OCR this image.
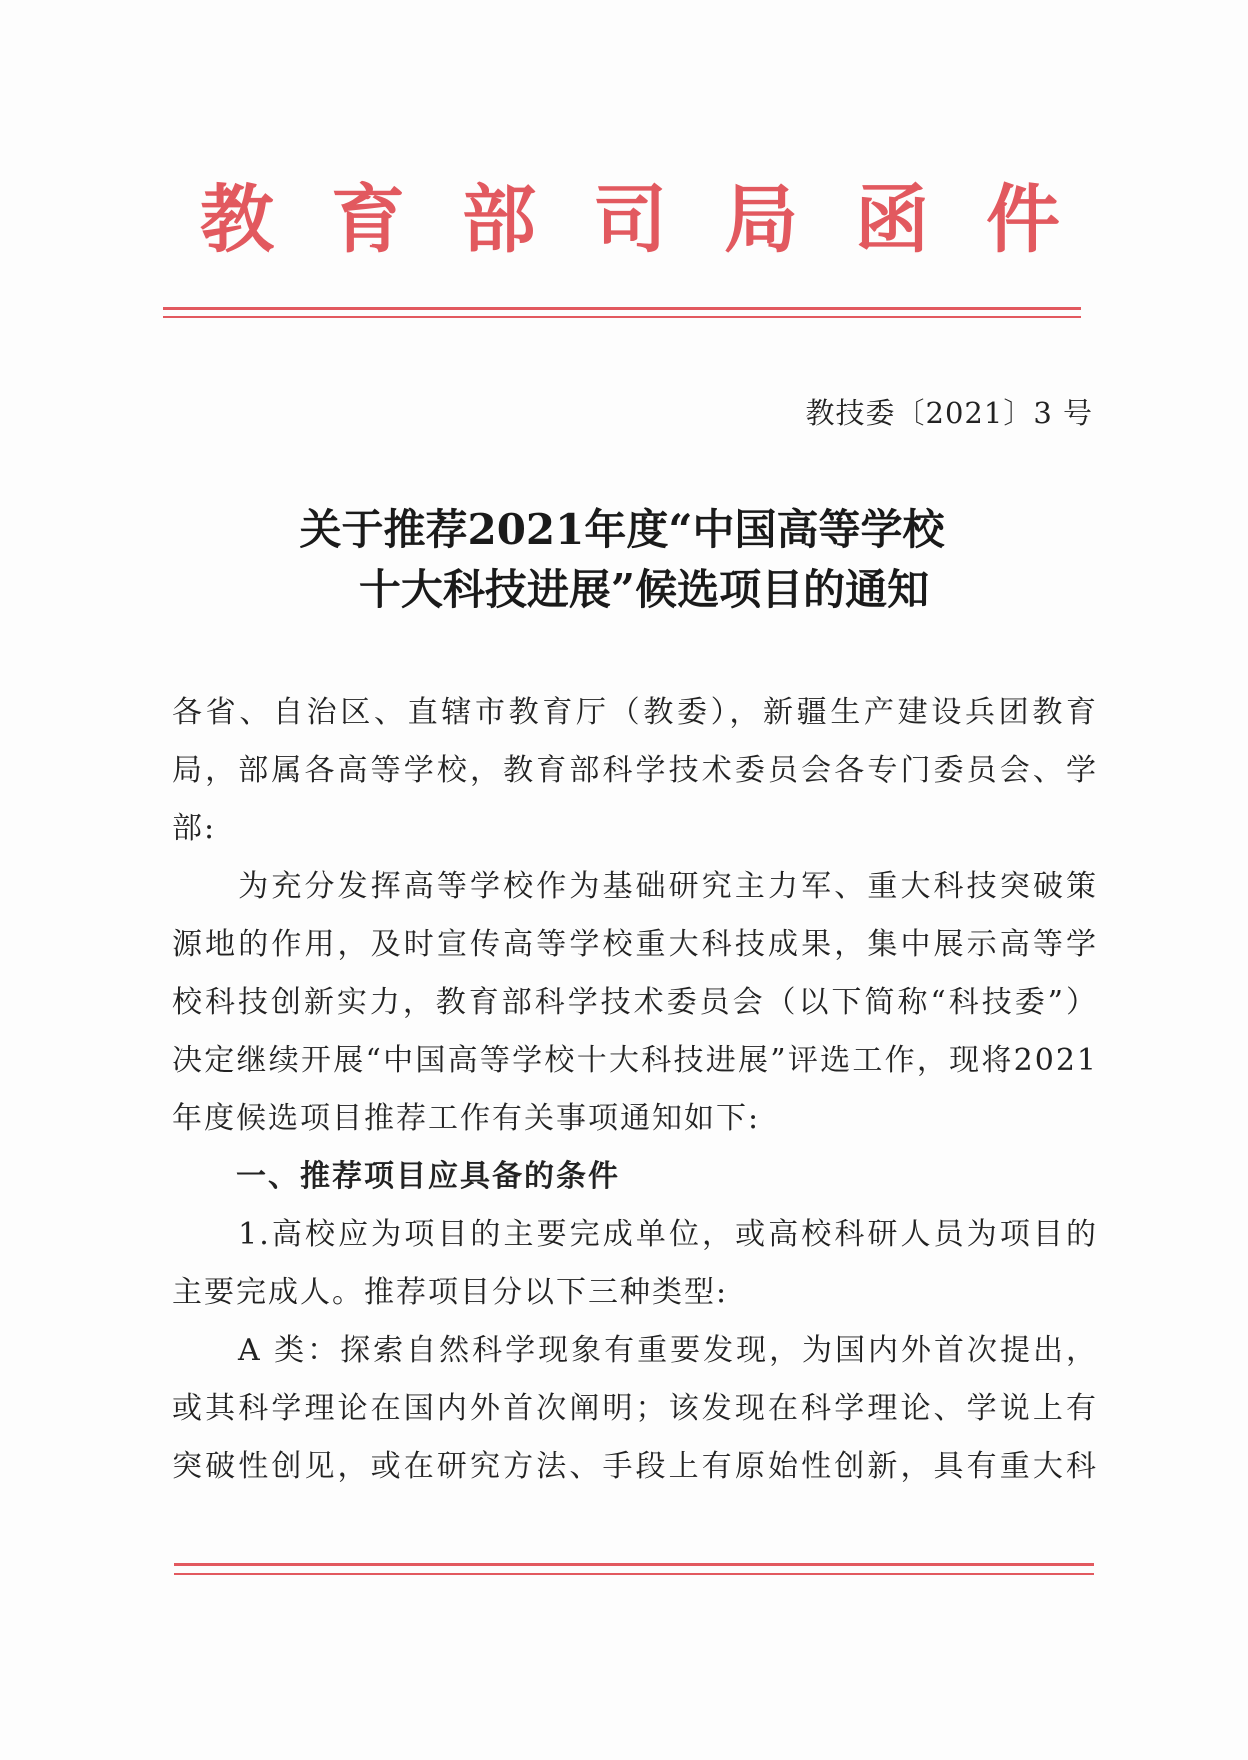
教 育 部 司 局 函 件
教技委〔2021〕3 号
关于推荐2021年度“中国高等学校
十大科技进展”候选项目的通知
各省、自治区、直辖市教育厅（教委），新疆生产建设兵团教育
局，部属各高等学校，教育部科学技术委员会各专门委员会、学
部:
　　为充分发挥高等学校作为基础研究主力军、重大科技突破策
源地的作用，及时宣传高等学校重大科技成果，集中展示高等学
校科技创新实力，教育部科学技术委员会（以下简称“科技委”）
决定继续开展“中国高等学校十大科技进展”评选工作，现将2021
年度候选项目推荐工作有关事项通知如下:
　　一、推荐项目应具备的条件
　　1.高校应为项目的主要完成单位，或高校科研人员为项目的
主要完成人。推荐项目分以下三种类型:
　　A 类：探索自然科学现象有重要发现，为国内外首次提出，
或其科学理论在国内外首次阐明；该发现在科学理论、学说上有
突破性创见，或在研究方法、手段上有原始性创新，具有重大科
